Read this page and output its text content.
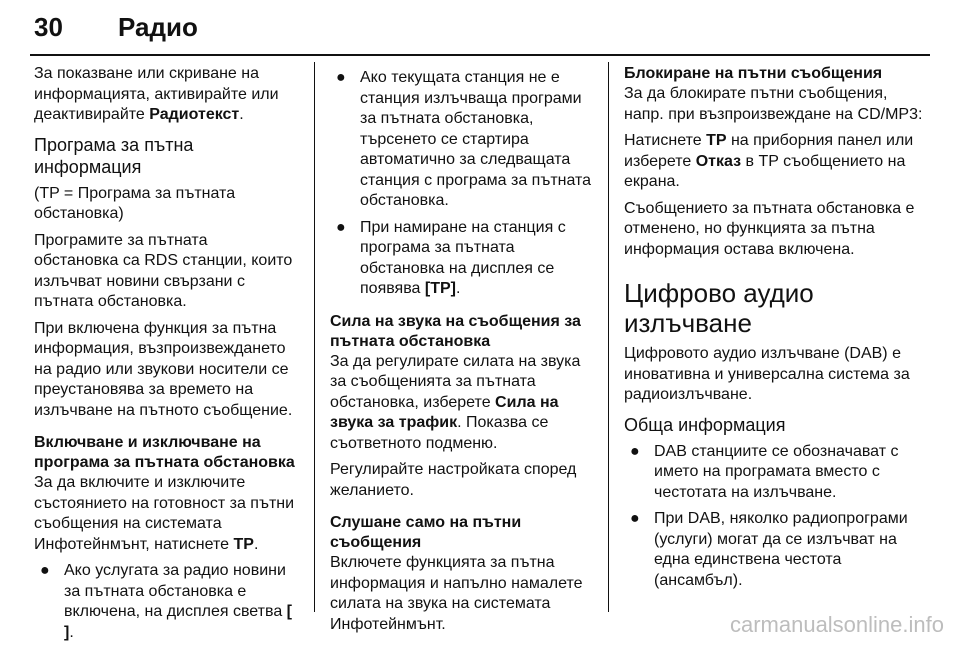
30 Радио

За показване или скриване на информацията, активирайте или деактивирайте Радиотекст.

Програма за пътна информация

(TP = Програма за пътната обстановка)

Програмите за пътната обстановка са RDS станции, които излъчват новини свързани с пътната обстановка.

При включена функция за пътна информация, възпроизвеждането на радио или звукови носители се преустановява за времето на излъчване на пътното съобщение.

Включване и изключване на програма за пътната обстановка

За да включите и изключите състоянието на готовност за пътни съобщения на системата Инфотейнмънт, натиснете TP.

● Ако услугата за радио новини за пътната обстановка е включена, на дисплея светва [ ].
● Ако текущата станция не е станция излъчваща програми за пътната обстановка, търсенето се стартира автоматично за следващата станция с програма за пътната обстановка.
● При намиране на станция с програма за пътната обстановка на дисплея се появява [TP].
Сила на звука на съобщения за пътната обстановка

За да регулирате силата на звука за съобщенията за пътната обстановка, изберете Сила на звука за трафик. Показва се съответното подменю.

Регулирайте настройката според желанието.

Слушане само на пътни съобщения

Включете функцията за пътна информация и напълно намалете силата на звука на системата Инфотейнмънт.

Блокиране на пътни съобщения

За да блокирате пътни съобщения, напр. при възпроизвеждане на CD/MP3:

Натиснете TP на приборния панел или изберете Отказ в TP съобщението на екрана.

Съобщението за пътната обстановка е отменено, но функцията за пътна информация остава включена.

Цифрово аудио излъчване

Цифровото аудио излъчване (DAB) е иновативна и универсална система за радиоизлъчване.

Обща информация
● DAB станциите се обозначават с името на програмата вместо с честотата на излъчване.
● При DAB, няколко радиопрограми (услуги) могат да се излъчват на една единствена честота (ансамбъл).
carmanualsonline.info
